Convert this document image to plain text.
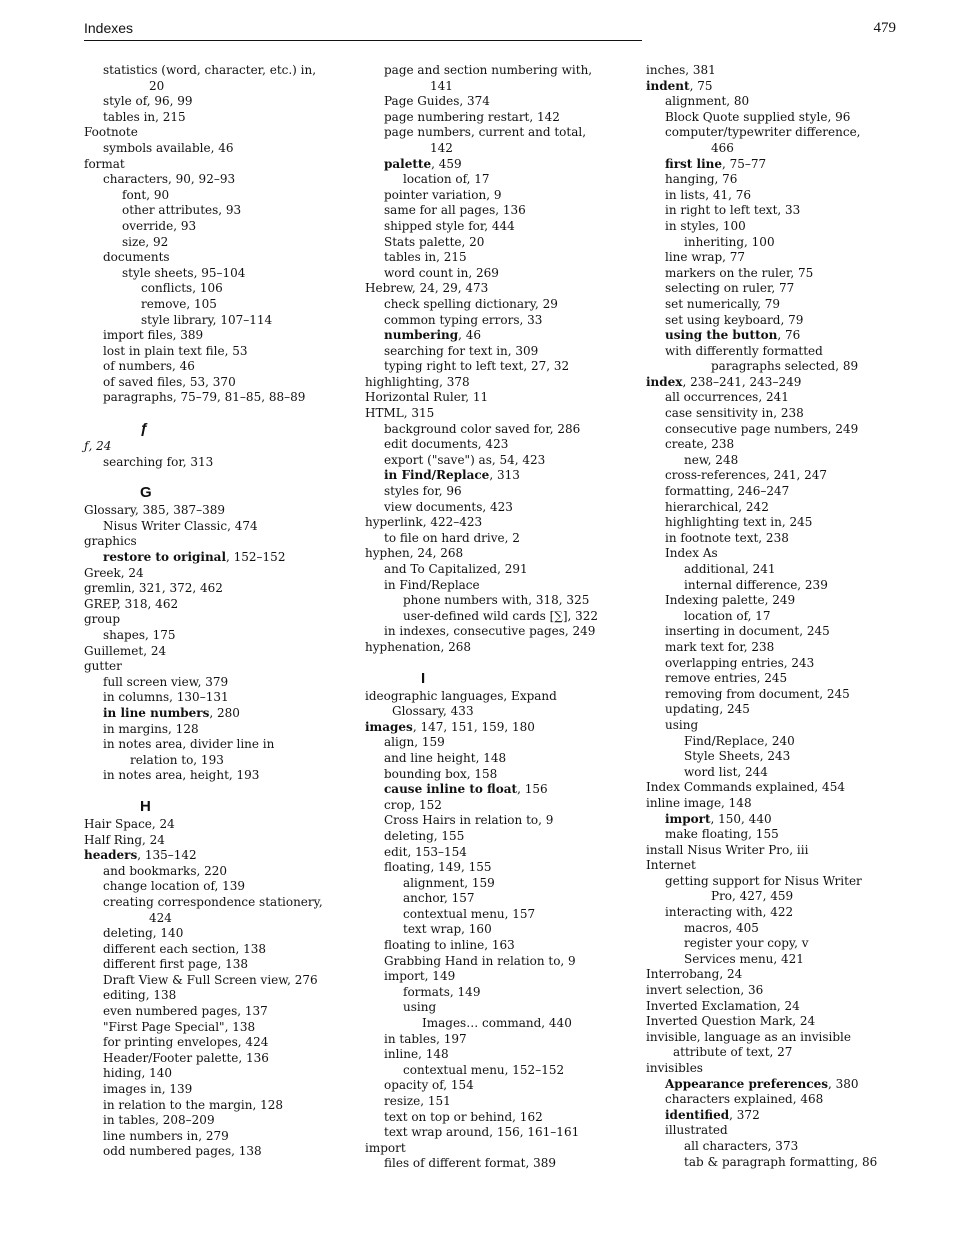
Indexes	479
statistics (word, character, etc.) in,
20
style of, 96, 99
tables in, 215
Footnote
symbols available, 46
format
characters, 90, 92–93
font, 90
other attributes, 93
override, 93
size, 92
documents
style sheets, 95–104
conflicts, 106
remove, 105
style library, 107–114
import files, 389
lost in plain text file, 53
of numbers, 46
of saved files, 53, 370
paragraphs, 75–79, 81–85, 88–89
ƒ
ƒ, 24
searching for, 313
G
Glossary, 385, 387–389
Nisus Writer Classic, 474
graphics
restore to original, 152–152
Greek, 24
gremlin, 321, 372, 462
GREP, 318, 462
group
shapes, 175
Guillemet, 24
gutter
full screen view, 379
in columns, 130–131
in line numbers, 280
in margins, 128
in notes area, divider line in
relation to, 193
in notes area, height, 193
H
Hair Space, 24
Half Ring, 24
headers, 135–142
and bookmarks, 220
change location of, 139
creating correspondence stationery,
424
deleting, 140
different each section, 138
different first page, 138
Draft View & Full Screen view, 276
editing, 138
even numbered pages, 137
"First Page Special", 138
for printing envelopes, 424
Header/Footer palette, 136
hiding, 140
images in, 139
in relation to the margin, 128
in tables, 208–209
line numbers in, 279
odd numbered pages, 138
page and section numbering with,
141
Page Guides, 374
page numbering restart, 142
page numbers, current and total,
142
palette, 459
location of, 17
pointer variation, 9
same for all pages, 136
shipped style for, 444
Stats palette, 20
tables in, 215
word count in, 269
Hebrew, 24, 29, 473
check spelling dictionary, 29
common typing errors, 33
numbering, 46
searching for text in, 309
typing right to left text, 27, 32
highlighting, 378
Horizontal Ruler, 11
HTML, 315
background color saved for, 286
edit documents, 423
export ("save") as, 54, 423
in Find/Replace, 313
styles for, 96
view documents, 423
hyperlink, 422–423
to file on hard drive, 2
hyphen, 24, 268
and To Capitalized, 291
in Find/Replace
phone numbers with, 318, 325
user-defined wild cards [∑], 322
in indexes, consecutive pages, 249
hyphenation, 268
I
ideographic languages, Expand
Glossary, 433
images, 147, 151, 159, 180
align, 159
and line height, 148
bounding box, 158
cause inline to float, 156
crop, 152
Cross Hairs in relation to, 9
deleting, 155
edit, 153–154
floating, 149, 155
alignment, 159
anchor, 157
contextual menu, 157
text wrap, 160
floating to inline, 163
Grabbing Hand in relation to, 9
import, 149
formats, 149
using
Images… command, 440
in tables, 197
inline, 148
contextual menu, 152–152
opacity of, 154
resize, 151
text on top or behind, 162
text wrap around, 156, 161–161
import
files of different format, 389
inches, 381
indent, 75
alignment, 80
Block Quote supplied style, 96
computer/typewriter difference,
466
first line, 75–77
hanging, 76
in lists, 41, 76
in right to left text, 33
in styles, 100
inheriting, 100
line wrap, 77
markers on the ruler, 75
selecting on ruler, 77
set numerically, 79
set using keyboard, 79
using the button, 76
with differently formatted
paragraphs selected, 89
index, 238–241, 243–249
all occurrences, 241
case sensitivity in, 238
consecutive page numbers, 249
create, 238
new, 248
cross-references, 241, 247
formatting, 246–247
hierarchical, 242
highlighting text in, 245
in footnote text, 238
Index As
additional, 241
internal difference, 239
Indexing palette, 249
location of, 17
inserting in document, 245
mark text for, 238
overlapping entries, 243
remove entries, 245
removing from document, 245
updating, 245
using
Find/Replace, 240
Style Sheets, 243
word list, 244
Index Commands explained, 454
inline image, 148
import, 150, 440
make floating, 155
install Nisus Writer Pro, iii
Internet
getting support for Nisus Writer
Pro, 427, 459
interacting with, 422
macros, 405
register your copy, v
Services menu, 421
Interrobang, 24
invert selection, 36
Inverted Exclamation, 24
Inverted Question Mark, 24
invisible, language as an invisible
attribute of text, 27
invisibles
Appearance preferences, 380
characters explained, 468
identified, 372
illustrated
all characters, 373
tab & paragraph formatting, 86
